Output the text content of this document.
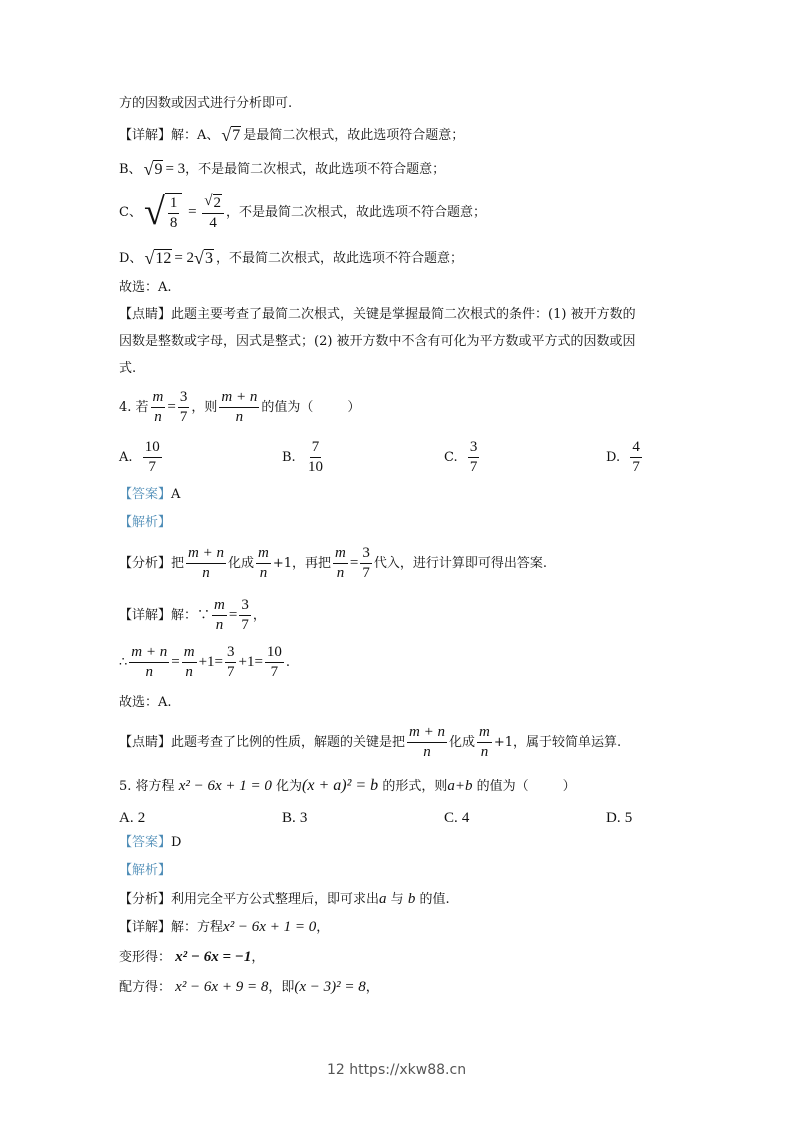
方的因数或因式进行分析即可.
【详解】 解：A、 √ 7 是最简二次根式，故此选项符合题意；
B、 √ 9 = 3 ，不是最简二次根式，故此选项不符合题意；
C、 √ $\frac{1}{8} = \frac{√ 2}{4}$ ，不是最简二次根式，故此选项不符合题意；
D、 √ 12 = 2 √ 3 ，不最简二次根式，故此选项不符合题意；
故选：A.
【点睛】 此题主要考查了最简二次根式，关键是掌握最简二次根式的条件：(1) 被开方数的
因数是整数或字母，因式是整式；(2) 被开方数中不含有可化为平方数或平方式的因数或因
式.
4. 若 $\frac{m}{n} = \frac{3}{7}$ ，则 $\frac{m + n}{n}$ 的值为（	）
A.
$\frac{10}{7}$	B.
$\frac{7}{10}$	C.
$\frac{3}{7}$	D.
$\frac{4}{7}$
【答案】 A
【解析】
【分析】 把 $\frac{m + n}{n}$ 化成 $\frac{m}{n} +1$，再把 $\frac{m}{n} = \frac{3}{7}$ 代入，进行计算即可得出答案.
【详解】 解：∵ $\frac{m}{n} = \frac{3}{7}$ ，
∴ $\frac{m + n}{n} = \frac{m}{n} +1= \frac{3}{7} +1= \frac{10}{7}$ .
故选：A.
【点睛】 此题考查了比例的性质，解题的关键是把 $\frac{m + n}{n}$ 化成 $\frac{m}{n} +1$，属于较简单运算.
5. 将方程
x² − 6x + 1 = 0
化为 (x + a)² = b
的形式，则 a+b
的值为（	）
A.
2	B.
3	C.
4	D.
5
【答案】 D
【解析】
【分析】 利用完全平方公式整理后，即可求出 a
与
b
的值.
【详解】 解：方程 x² − 6x + 1 = 0 ，
变形得：
x² − 6x = −1 ，
配方得：
x² − 6x + 9 = 8 ，即 (x − 3)² = 8 ，
12 https://xkw88.cn
